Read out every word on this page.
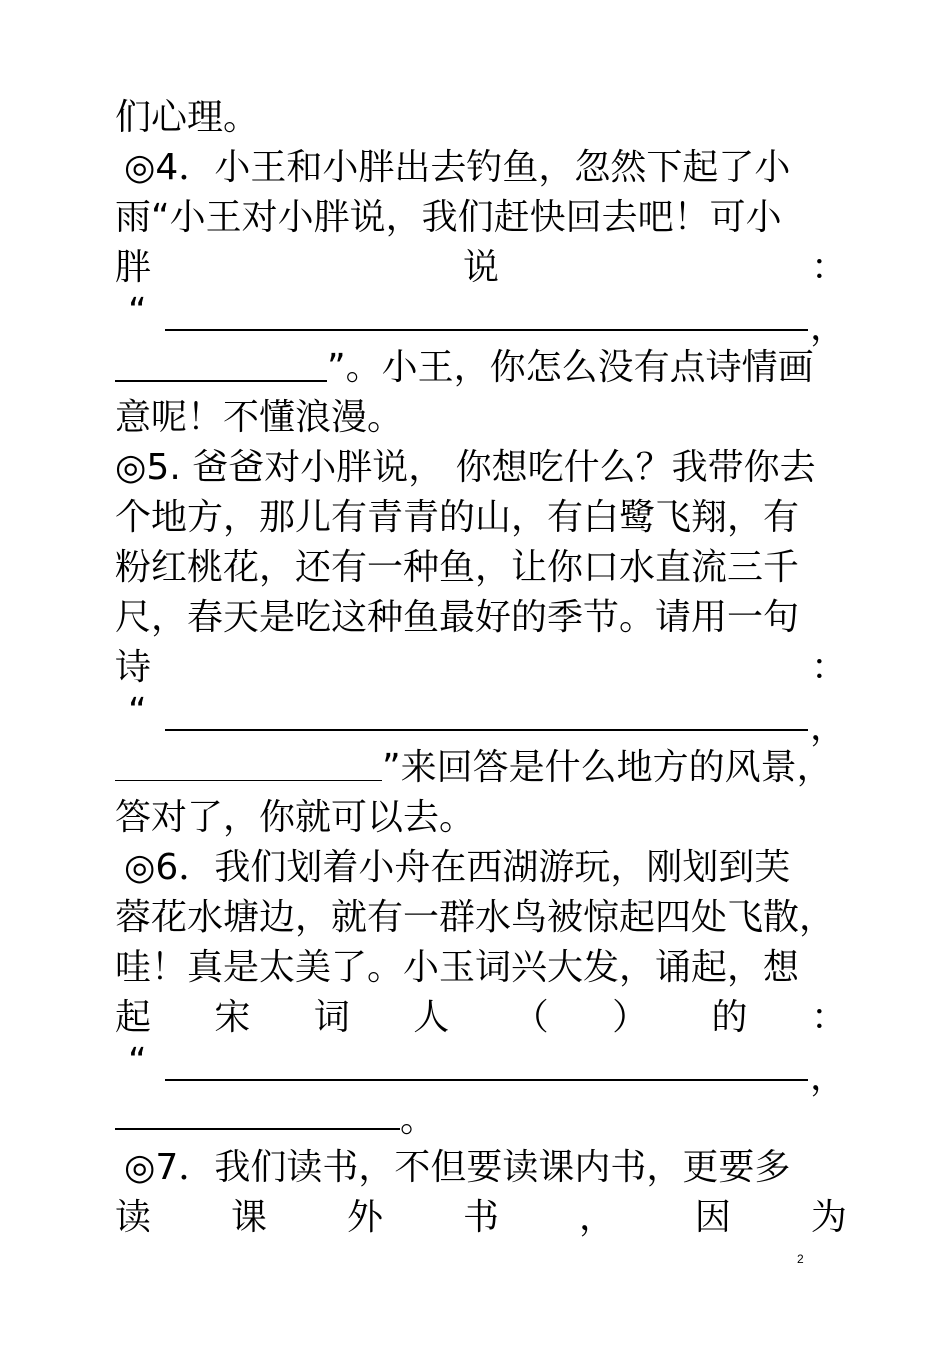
们心理。
◎4．小王和小胖出去钓鱼，忽然下起了小
雨“小王对小胖说，我们赶快回去吧！可小
胖	说	：
“	，
”。小王，你怎么没有点诗情画
意呢！不懂浪漫。
◎5. 爸爸对小胖说， 你想吃什么？我带你去
个地方，那儿有青青的山，有白鹭飞翔，有
粉红桃花，还有一种鱼，让你口水直流三千
尺，春天是吃这种鱼最好的季节。请用一句
诗	：
“	，
”来回答是什么地方的风景，
答对了，你就可以去。
◎6．我们划着小舟在西湖游玩，刚划到芙
蓉花水塘边，就有一群水鸟被惊起四处飞散，
哇！真是太美了。小玉词兴大发，诵起，想
起 宋 词 人 （ ） 的 ：
“	，
。
◎7．我们读书，不但要读课内书，更要多
读 课 外 书 ， 因 为
2
